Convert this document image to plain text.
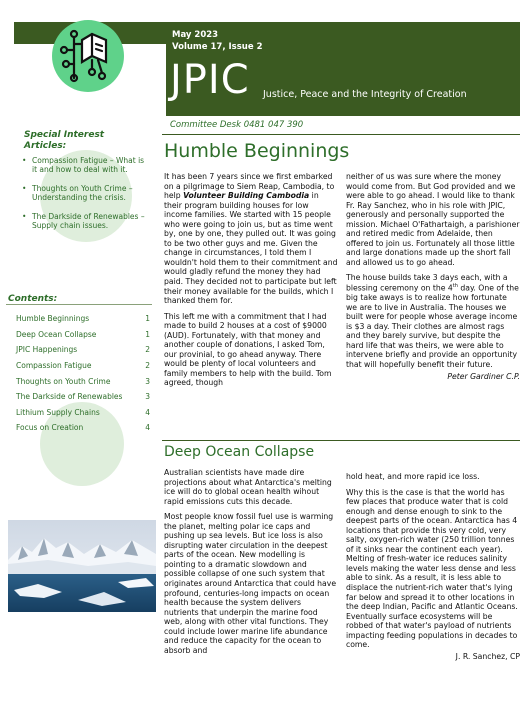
May 2023
Volume 17, Issue 2
JPIC Justice, Peace and the Integrity of Creation
Committee Desk 0481 047 390
Special Interest Articles:
• Compassion Fatigue – What is it and how to deal with it.
• Thoughts on Youth Crime – Understanding the crisis.
• The Darkside of Renewables – Supply chain issues.
Contents:
Humble Beginnings	1
Deep Ocean Collapse	1
JPIC Happenings	2
Compassion Fatigue	2
Thoughts on Youth Crime	3
The Darkside of Renewables	3
Lithium Supply Chains	4
Focus on Creation	4
Humble Beginnings

It has been 7 years since we first embarked on a pilgrimage to Siem Reap, Cambodia, to help Volunteer Building Cambodia in their program building houses for low income families. We started with 15 people who were going to join us, but as time went by, one by one, they pulled out. It was going to be two other guys and me. Given the change in circumstances, I told them I wouldn't hold them to their commitment and would gladly refund the money they had paid. They decided not to participate but left their money available for the builds, which I thanked them for.

This left me with a commitment that I had made to build 2 houses at a cost of $9000 (AUD). Fortunately, with that money and another couple of donations, I asked Tom, our provinial, to go ahead anyway. There would be plenty of local volunteers and family members to help with the build. Tom agreed, though

neither of us was sure where the money would come from. But God provided and we were able to go ahead. I would like to thank Fr. Ray Sanchez, who in his role with JPIC, generously and personally supported the mission. Michael O'Fathartaigh, a parishioner and retired medic from Adelaide, then offered to join us. Fortunately all those little and large donations made up the short fall and allowed us to go ahead.

The house builds take 3 days each, with a blessing ceremony on the 4th day. One of the big take aways is to realize how fortunate we are to live in Australia. The houses we built were for people whose average income is $3 a day. Their clothes are almost rags and they barely survive, but despite the hard life that was theirs, we were able to intervene briefly and provide an opportunity that will hopefully benefit their future.

Peter Gardiner C.P.

Deep Ocean Collapse

Australian scientists have made dire projections about what Antarctica's melting ice will do to global ocean health wihout rapid emissions cuts this decade.

Most people know fossil fuel use is warming the planet, melting polar ice caps and pushing up sea levels. But ice loss is also disrupting water circulation in the deepest parts of the ocean. New modelling is pointing to a dramatic slowdown and possible collapse of one such system that originates around Antarctica that could have profound, centuries-long impacts on ocean health because the system delivers nutrients that underpin the marine food web, along with other vital functions. They could include lower marine life abundance and reduce the capacity for the ocean to absorb and

hold heat, and more rapid ice loss.

Why this is the case is that the world has few places that produce water that is cold enough and dense enough to sink to the deepest parts of the ocean. Antarctica has 4 locations that provide this very cold, very salty, oxygen-rich water (250 trillion tonnes of it sinks near the continent each year). Melting of fresh-water ice reduces salinity levels making the water less dense and less able to sink. As a result, it is less able to displace the nutrient-rich water that's lying far below and spread it to other locations in the deep Indian, Pacific and Atlantic Oceans. Eventually surface ecosystems will be robbed of that water's payload of nutrients impacting feeding populations in decades to come.

J. R. Sanchez, CP
